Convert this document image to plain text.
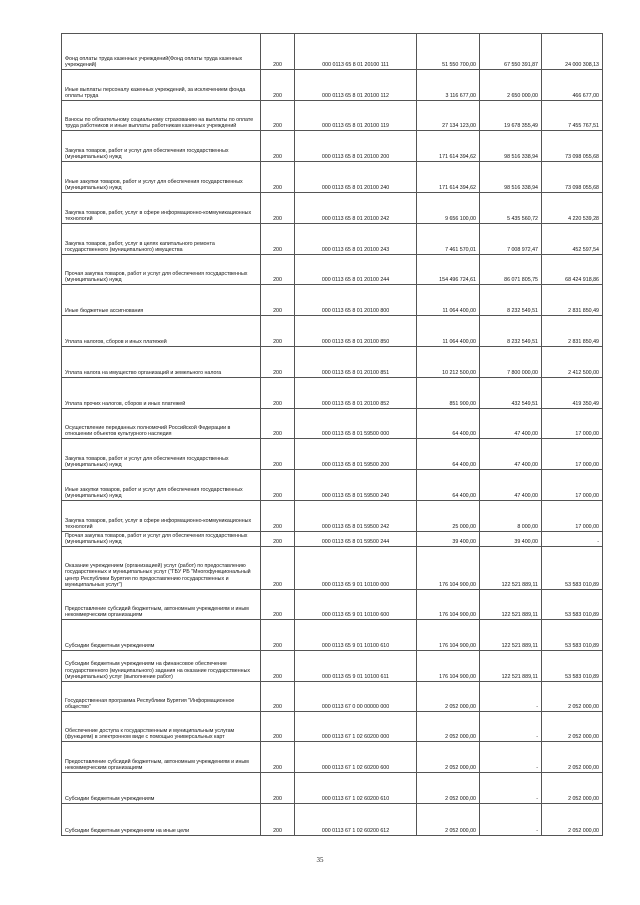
Фонд оплаты труда казенных учреждений(Фонд оплаты труда казенных учреждений)	200	000 0113 65 8 01 20100 111	51 550 700,00	67 550 391,87	24 000 308,13
Иные выплаты персоналу казенных учреждений, за исключением фонда оплаты труда	200	000 0113 65 8 01 20100 112	3 116 677,00	2 650 000,00	466 677,00
Взносы по обязательному социальному страхованию на выплаты по оплате труда работников и иные выплаты работникам казенных учреждений	200	000 0113 65 8 01 20100 119	27 134 123,00	19 678 355,49	7 455 767,51
Закупка товаров, работ и услуг для обеспечения государственных (муниципальных) нужд	200	000 0113 65 8 01 20100 200	171 614 394,62	98 516 338,94	73 098 055,68
Иные закупки товаров, работ и услуг для обеспечения государственных (муниципальных) нужд	200	000 0113 65 8 01 20100 240	171 614 394,62	98 516 338,94	73 098 055,68
Закупка товаров, работ, услуг в сфере информационно-коммуникационных технологий	200	000 0113 65 8 01 20100 242	9 656 100,00	5 435 560,72	4 220 539,28
Закупка товаров, работ, услуг в целях капитального ремонта государственного (муниципального) имущества	200	000 0113 65 8 01 20100 243	7 461 570,01	7 008 972,47	452 597,54
Прочая закупка товаров, работ и услуг для обеспечения государственных (муниципальных) нужд	200	000 0113 65 8 01 20100 244	154 496 724,61	86 071 805,75	68 424 918,86
Иные бюджетные ассигнования	200	000 0113 65 8 01 20100 800	11 064 400,00	8 232 549,51	2 831 850,49
Уплата налогов, сборов и иных платежей	200	000 0113 65 8 01 20100 850	11 064 400,00	8 232 549,51	2 831 850,49
Уплата налога на имущество организаций и земельного налога	200	000 0113 65 8 01 20100 851	10 212 500,00	7 800 000,00	2 412 500,00
Уплата прочих налогов, сборов и иных платежей	200	000 0113 65 8 01 20100 852	851 900,00	432 549,51	419 350,49
Осуществление переданных полномочий Российской Федерации в отношении объектов культурного наследия	200	000 0113 65 8 01 59500 000	64 400,00	47 400,00	17 000,00
Закупка товаров, работ и услуг для обеспечения государственных (муниципальных) нужд	200	000 0113 65 8 01 59500 200	64 400,00	47 400,00	17 000,00
Иные закупки товаров, работ и услуг для обеспечения государственных (муниципальных) нужд	200	000 0113 65 8 01 59500 240	64 400,00	47 400,00	17 000,00
Закупка товаров, работ, услуг в сфере информационно-коммуникационных технологий	200	000 0113 65 8 01 59500 242	25 000,00	8 000,00	17 000,00
Прочая закупка товаров, работ и услуг для обеспечения государственных (муниципальных) нужд	200	000 0113 65 8 01 59500 244	39 400,00	39 400,00	-
Оказание учреждением (организацией) услуг (работ) по предоставлению государственных и муниципальных услуг ("ГБУ РБ "Многофункциональный центр Республики Бурятия по предоставлению государственных и муниципальных услуг")	200	000 0113 65 9 01 10100 000	176 104 900,00	122 521 889,11	53 583 010,89
Предоставление субсидий бюджетным, автономным учреждениям и иным некоммерческим организациям	200	000 0113 65 9 01 10100 600	176 104 900,00	122 521 889,11	53 583 010,89
Субсидии бюджетным учреждениям	200	000 0113 65 9 01 10100 610	176 104 900,00	122 521 889,11	53 583 010,89
Субсидии бюджетным учреждениям на финансовое обеспечение государственного (муниципального) задания на оказание государственных (муниципальных) услуг (выполнение работ)	200	000 0113 65 9 01 10100 611	176 104 900,00	122 521 889,11	53 583 010,89
Государственная программа Республики Бурятия "Информационное общество"	200	000 0113 67 0 00 00000 000	2 052 000,00	-	2 052 000,00
Обеспечение доступа к государственным и муниципальным услугам (функциям) в электронном виде с помощью универсальных карт	200	000 0113 67 1 02 60200 000	2 052 000,00	-	2 052 000,00
Предоставление субсидий бюджетным, автономным учреждениям и иным некоммерческим организациям	200	000 0113 67 1 02 60200 600	2 052 000,00	-	2 052 000,00
Субсидии бюджетным учреждениям	200	000 0113 67 1 02 60200 610	2 052 000,00	-	2 052 000,00
Субсидии бюджетным учреждениям на иные цели	200	000 0113 67 1 02 60200 612	2 052 000,00	-	2 052 000,00
35
